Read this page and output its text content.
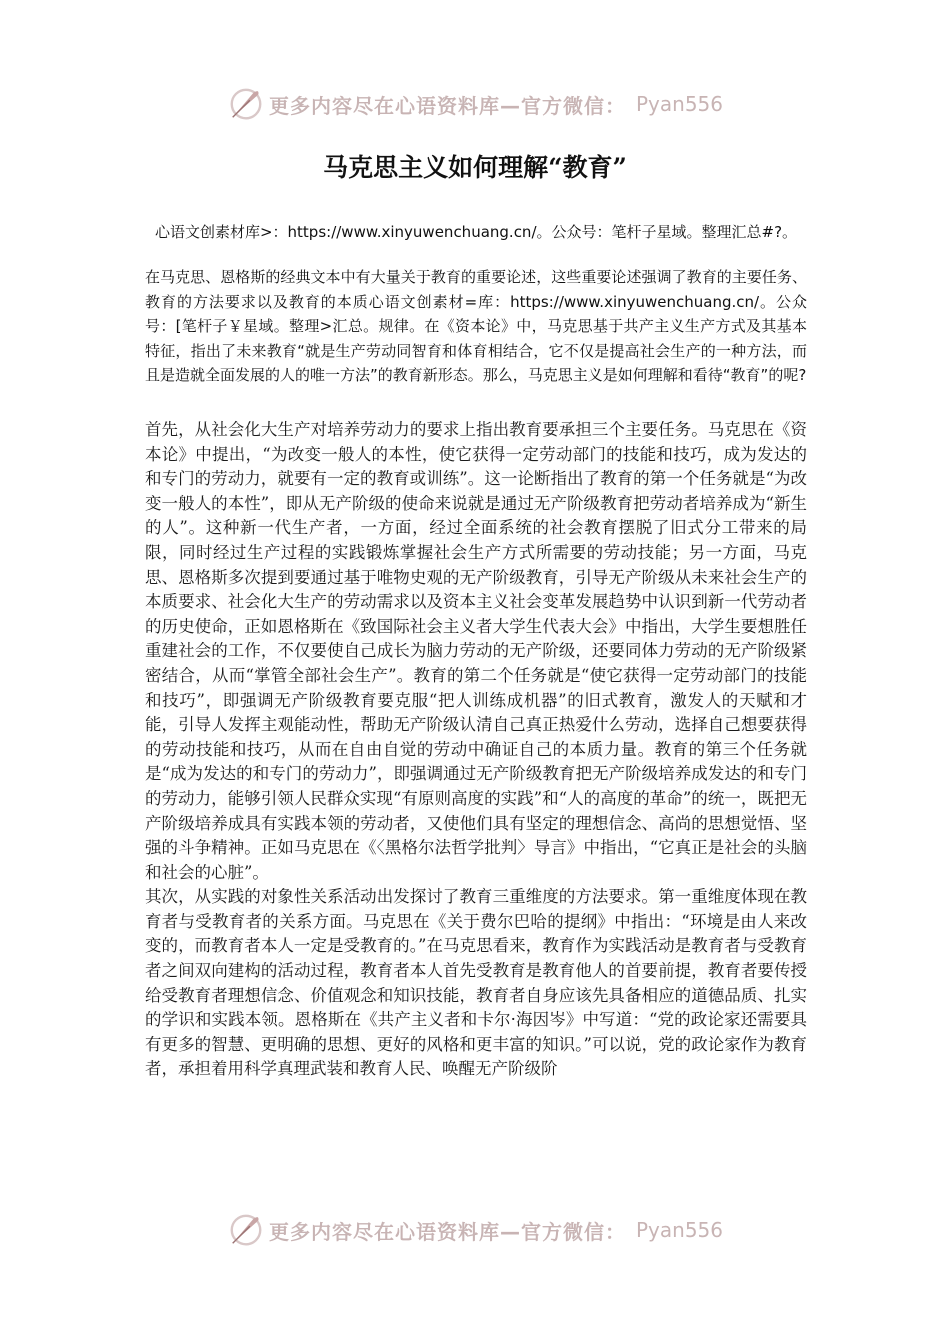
更多内容尽在心语资料库—官方微信： Pyan556
马克思主义如何理解“教育”
心语文创素材库>：https://www.xinyuwenchuang.cn/。公众号：笔杆子星域。整理汇总#?。
在马克思、恩格斯的经典文本中有大量关于教育的重要论述，这些重要论述强调了教育的主要任务、教育的方法要求以及教育的本质心语文创素材=库：https://www.xinyuwenchuang.cn/。公众号：[笔杆子￥星域。整理>汇总。规律。在《资本论》中，马克思基于共产主义生产方式及其基本特征，指出了未来教育“就是生产劳动同智育和体育相结合，它不仅是提高社会生产的一种方法，而且是造就全面发展的人的唯一方法”的教育新形态。那么，马克思主义是如何理解和看待“教育”的呢?

首先，从社会化大生产对培养劳动力的要求上指出教育要承担三个主要任务。马克思在《资本论》中提出，“为改变一般人的本性，使它获得一定劳动部门的技能和技巧，成为发达的和专门的劳动力，就要有一定的教育或训练”。这一论断指出了教育的第一个任务就是“为改变一般人的本性”，即从无产阶级的使命来说就是通过无产阶级教育把劳动者培养成为“新生的人”。这种新一代生产者，一方面，经过全面系统的社会教育摆脱了旧式分工带来的局限，同时经过生产过程的实践锻炼掌握社会生产方式所需要的劳动技能；另一方面，马克思、恩格斯多次提到要通过基于唯物史观的无产阶级教育，引导无产阶级从未来社会生产的本质要求、社会化大生产的劳动需求以及资本主义社会变革发展趋势中认识到新一代劳动者的历史使命，正如恩格斯在《致国际社会主义者大学生代表大会》中指出，大学生要想胜任重建社会的工作，不仅要使自己成长为脑力劳动的无产阶级，还要同体力劳动的无产阶级紧密结合，从而“掌管全部社会生产”。教育的第二个任务就是“使它获得一定劳动部门的技能和技巧”，即强调无产阶级教育要克服“把人训练成机器”的旧式教育，激发人的天赋和才能，引导人发挥主观能动性，帮助无产阶级认清自己真正热爱什么劳动，选择自己想要获得的劳动技能和技巧，从而在自由自觉的劳动中确证自己的本质力量。教育的第三个任务就是“成为发达的和专门的劳动力”，即强调通过无产阶级教育把无产阶级培养成发达的和专门的劳动力，能够引领人民群众实现“有原则高度的实践”和“人的高度的革命”的统一，既把无产阶级培养成具有实践本领的劳动者，又使他们具有坚定的理想信念、高尚的思想觉悟、坚强的斗争精神。正如马克思在《〈黑格尔法哲学批判〉导言》中指出，“它真正是社会的头脑和社会的心脏”。

其次，从实践的对象性关系活动出发探讨了教育三重维度的方法要求。第一重维度体现在教育者与受教育者的关系方面。马克思在《关于费尔巴哈的提纲》中指出：“环境是由人来改变的，而教育者本人一定是受教育的。”在马克思看来，教育作为实践活动是教育者与受教育者之间双向建构的活动过程，教育者本人首先受教育是教育他人的首要前提，教育者要传授给受教育者理想信念、价值观念和知识技能，教育者自身应该先具备相应的道德品质、扎实的学识和实践本领。恩格斯在《共产主义者和卡尔·海因岑》中写道：“党的政论家还需要具有更多的智慧、更明确的思想、更好的风格和更丰富的知识。”可以说，党的政论家作为教育者，承担着用科学真理武装和教育人民、唤醒无产阶级阶

更多内容尽在心语资料库—官方微信： Pyan556
